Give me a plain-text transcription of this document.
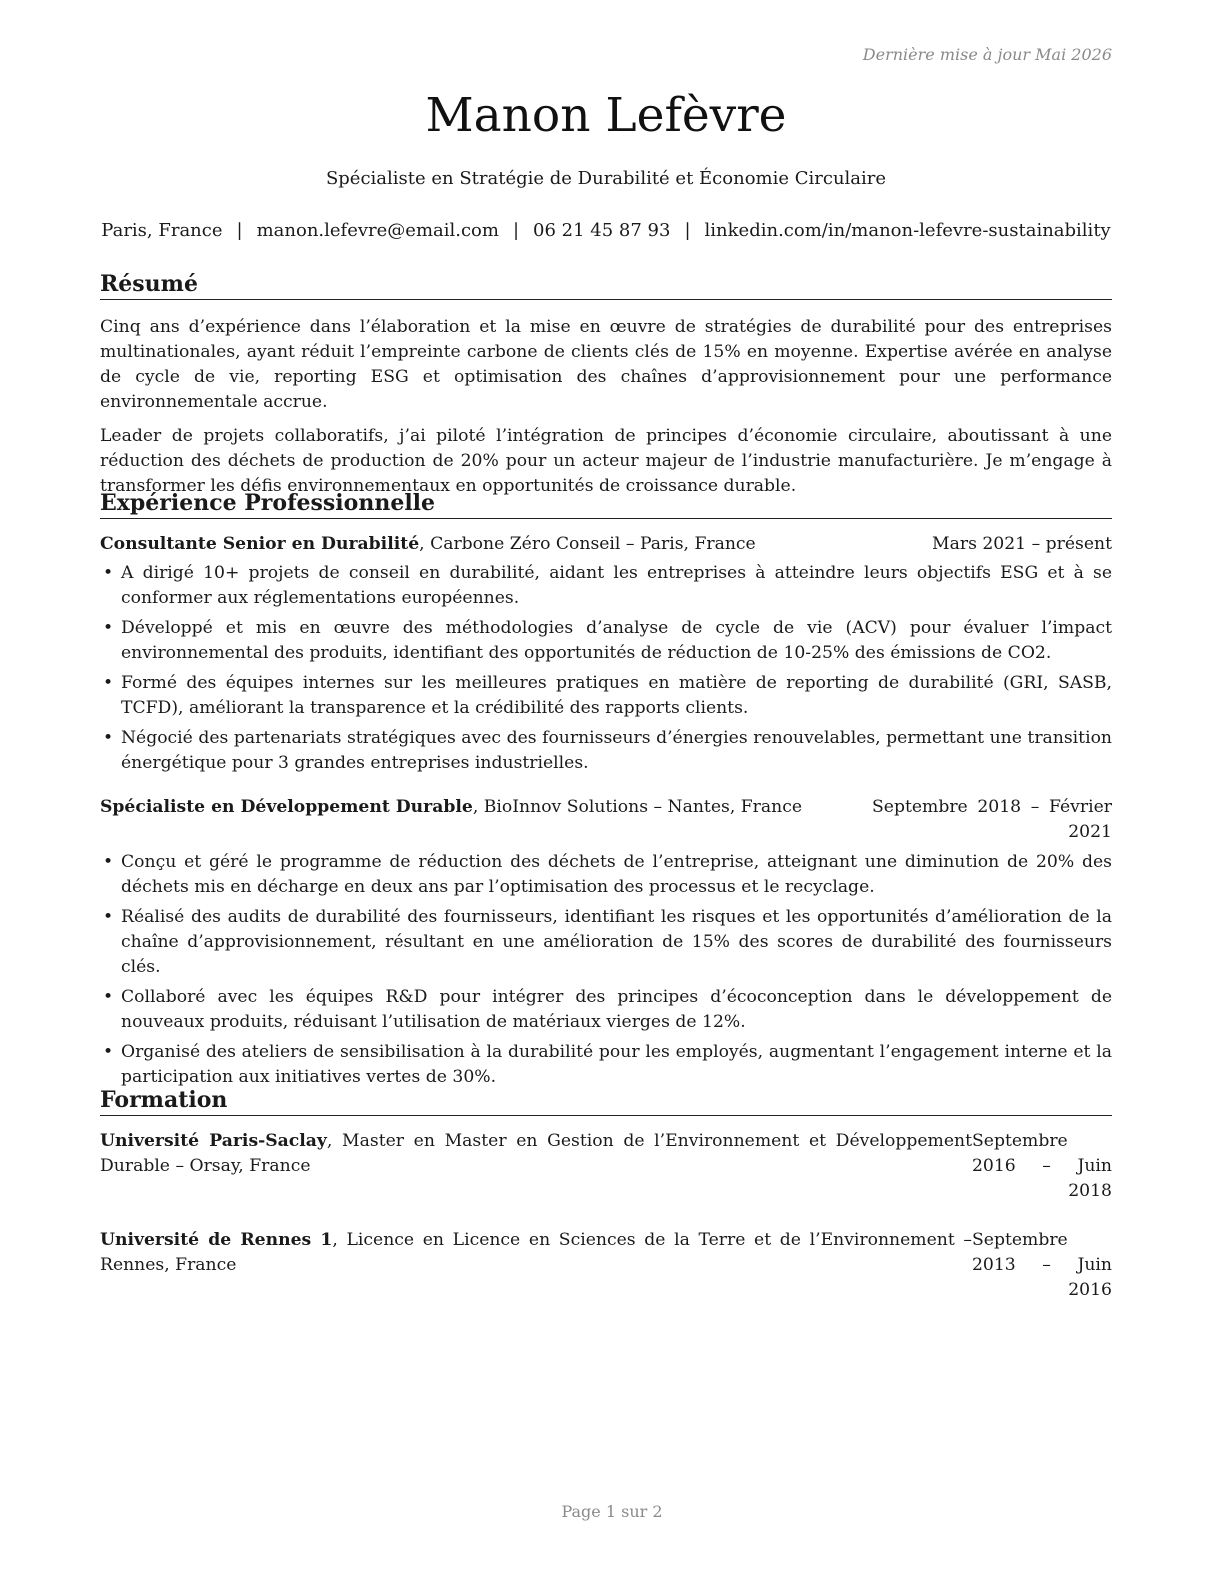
Dernière mise à jour Mai 2026
Manon Lefèvre
Spécialiste en Stratégie de Durabilité et Économie Circulaire
Paris, France | manon.lefevre@email.com | 06 21 45 87 93 | linkedin.com/in/manon-lefevre-sustainability
Résumé

Cinq ans d’expérience dans l’élaboration et la mise en œuvre de stratégies de durabilité pour des entreprises multinationales, ayant réduit l’empreinte carbone de clients clés de 15% en moyenne. Expertise avérée en analyse de cycle de vie, reporting ESG et optimisation des chaînes d’approvisionnement pour une performance environnementale accrue.

Leader de projets collaboratifs, j’ai piloté l’intégration de principes d’économie circulaire, aboutissant à une réduction des déchets de production de 20% pour un acteur majeur de l’industrie manufacturière. Je m’engage à transformer les défis environnementaux en opportunités de croissance durable.

Expérience Professionnelle
Consultante Senior en Durabilité, Carbone Zéro Conseil – Paris, France	Mars 2021 – présent
• A dirigé 10+ projets de conseil en durabilité, aidant les entreprises à atteindre leurs objectifs ESG et à se conformer aux réglementations européennes.
• Développé et mis en œuvre des méthodologies d’analyse de cycle de vie (ACV) pour évaluer l’impact environnemental des produits, identifiant des opportunités de réduction de 10-25% des émissions de CO2.
• Formé des équipes internes sur les meilleures pratiques en matière de reporting de durabilité (GRI, SASB, TCFD), améliorant la transparence et la crédibilité des rapports clients.
• Négocié des partenariats stratégiques avec des fournisseurs d’énergies renouvelables, permettant une transition énergétique pour 3 grandes entreprises industrielles.
Spécialiste en Développement Durable, BioInnov Solutions – Nantes, France	Septembre 2018 – Février 2021
• Conçu et géré le programme de réduction des déchets de l’entreprise, atteignant une diminution de 20% des déchets mis en décharge en deux ans par l’optimisation des processus et le recyclage.
• Réalisé des audits de durabilité des fournisseurs, identifiant les risques et les opportunités d’amélioration de la chaîne d’approvisionnement, résultant en une amélioration de 15% des scores de durabilité des fournisseurs clés.
• Collaboré avec les équipes R&D pour intégrer des principes d’écoconception dans le développement de nouveaux produits, réduisant l’utilisation de matériaux vierges de 12%.
• Organisé des ateliers de sensibilisation à la durabilité pour les employés, augmentant l’engagement interne et la participation aux initiatives vertes de 30%.
Formation
Université Paris-Saclay, Master en Master en Gestion de l’Environnement et Développement Durable – Orsay, France
Septembre 2016 – Juin 2018
Université de Rennes 1, Licence en Licence en Sciences de la Terre et de l’Environnement – Rennes, France
Septembre 2013 – Juin 2016
Page 1 sur 2
